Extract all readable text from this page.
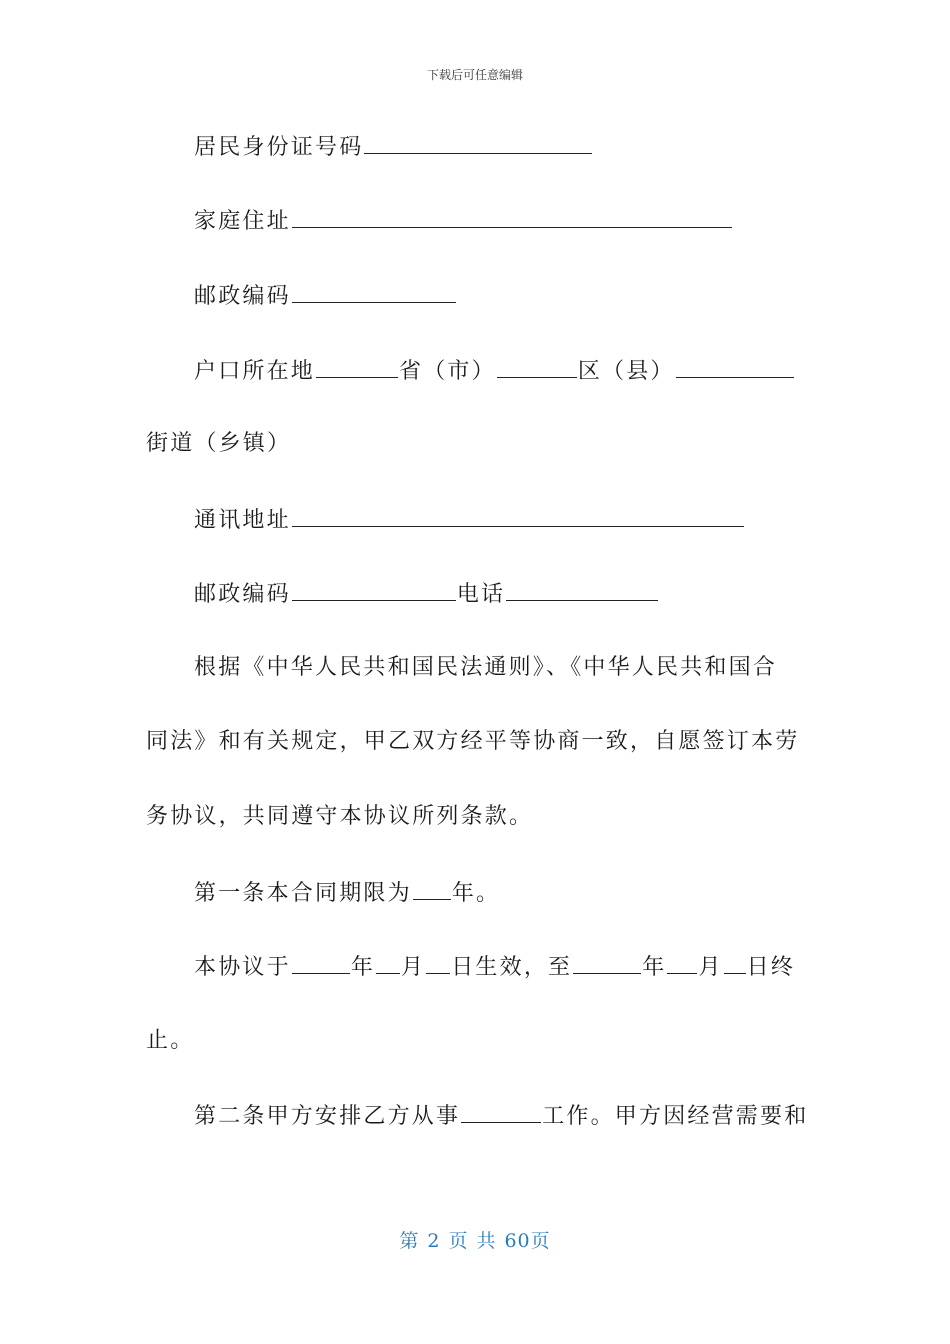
下载后可任意编辑
居民身份证号码
家庭住址
邮政编码
户口所在地	省（市）	区（县）
街道（乡镇）
通讯地址
邮政编码	电话
根据《中华人民共和国民法通则》、《中华人民共和国合
同法》和有关规定，甲乙双方经平等协商一致，自愿签订本劳
务协议，共同遵守本协议所列条款。
第一条本合同期限为 年。
本协议于	年 月 日生效，至	年 月 日终
止。
第二条甲方安排乙方从事	工作。甲方因经营需要和
第 2 页 共 60页
